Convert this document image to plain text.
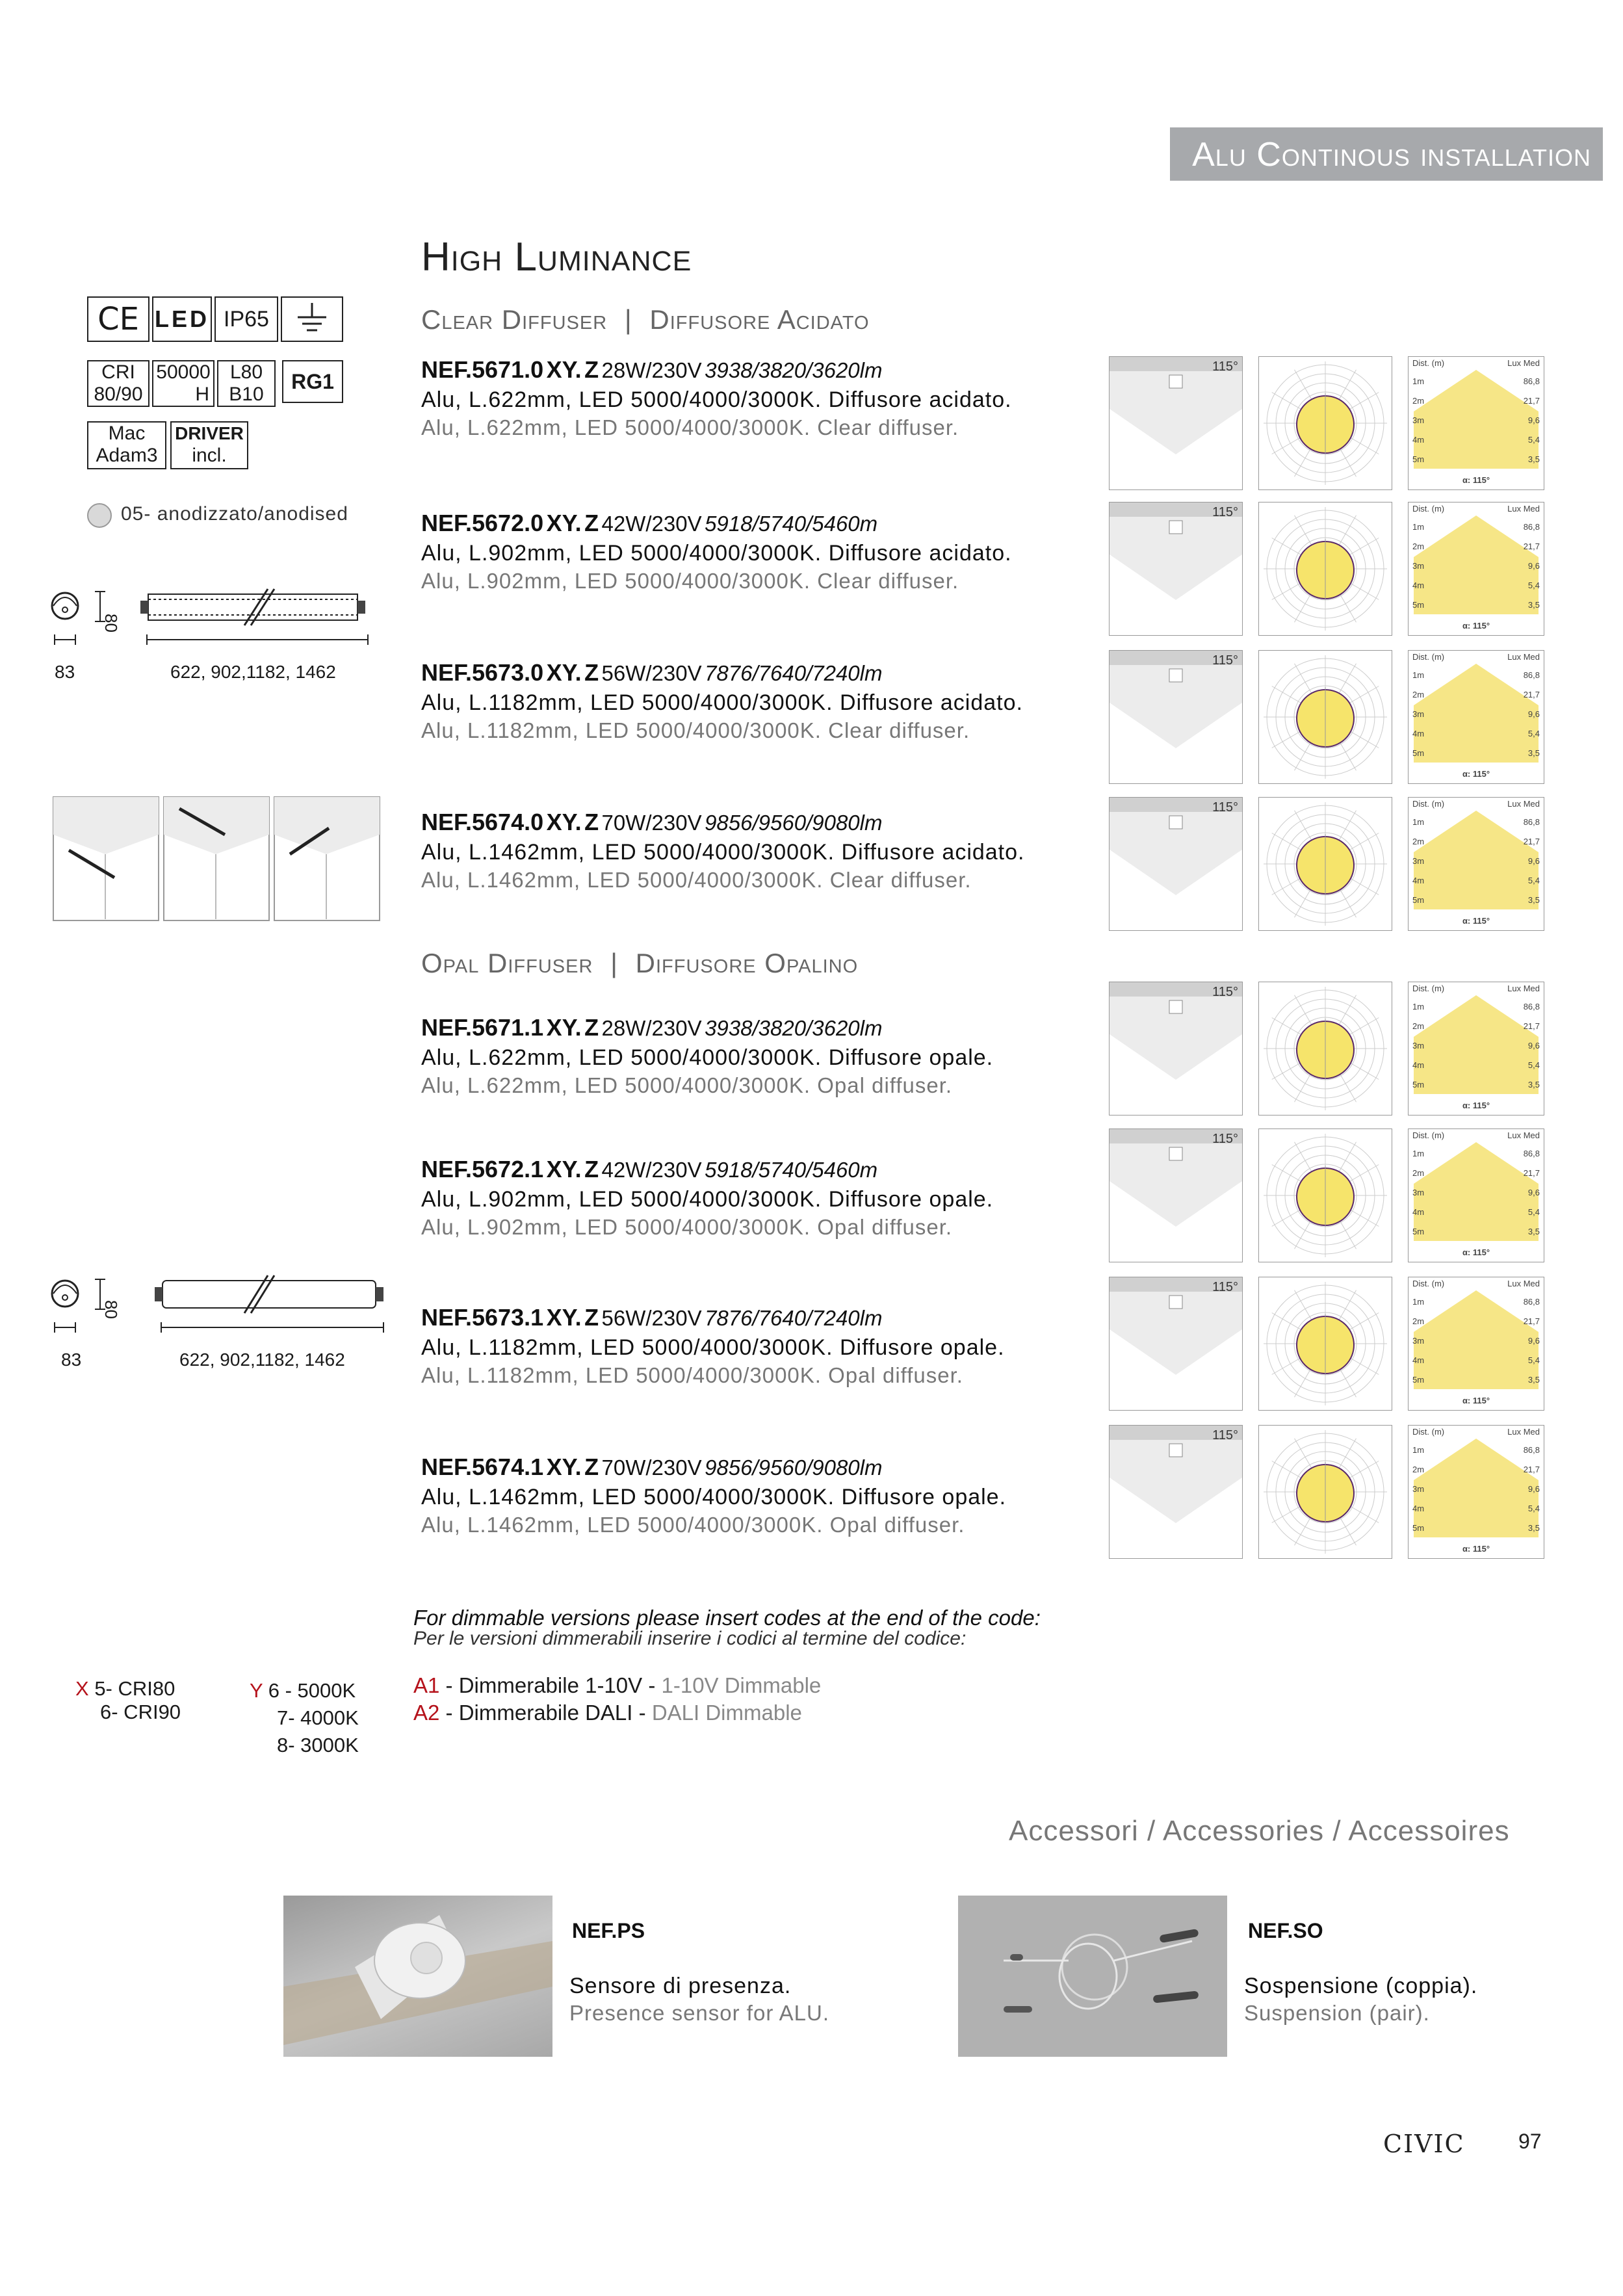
Alu Continous installation
High Luminance
Clear Diffuser | Diffusore Acidato
Opal Diffuser | Diffusore Opalino
CE LED IP65
CRI
80/90
50000
H
L80
B10
RG1
Mac
Adam3
DRIVER
incl.
05- anodizzato/anodised
80
83	622, 902,1182, 1462
80
83	622, 902,1182, 1462
NEF.5671.0 XY. Z 28W/230V 3938/3820/3620lm
Alu, L.622mm, LED 5000/4000/3000K. Diffusore acidato.
Alu, L.622mm, LED 5000/4000/3000K. Clear diffuser.
NEF.5672.0 XY. Z 42W/230V 5918/5740/5460m
Alu, L.902mm, LED 5000/4000/3000K. Diffusore acidato.
Alu, L.902mm, LED 5000/4000/3000K. Clear diffuser.
NEF.5673.0 XY. Z 56W/230V 7876/7640/7240lm
Alu, L.1182mm, LED 5000/4000/3000K. Diffusore acidato.
Alu, L.1182mm, LED 5000/4000/3000K. Clear diffuser.
NEF.5674.0 XY. Z 70W/230V 9856/9560/9080lm
Alu, L.1462mm, LED 5000/4000/3000K. Diffusore acidato.
Alu, L.1462mm, LED 5000/4000/3000K. Clear diffuser.
NEF.5671.1 XY. Z 28W/230V 3938/3820/3620lm
Alu, L.622mm, LED 5000/4000/3000K. Diffusore opale.
Alu, L.622mm, LED 5000/4000/3000K. Opal diffuser.
NEF.5672.1 XY. Z 42W/230V 5918/5740/5460m
Alu, L.902mm, LED 5000/4000/3000K. Diffusore opale.
Alu, L.902mm, LED 5000/4000/3000K. Opal diffuser.
NEF.5673.1 XY. Z 56W/230V 7876/7640/7240lm
Alu, L.1182mm, LED 5000/4000/3000K. Diffusore opale.
Alu, L.1182mm, LED 5000/4000/3000K. Opal diffuser.
NEF.5674.1 XY. Z 70W/230V 9856/9560/9080lm
Alu, L.1462mm, LED 5000/4000/3000K. Diffusore opale.
Alu, L.1462mm, LED 5000/4000/3000K. Opal diffuser.
115°	Dist. (m)	Lux Med
1m	86,8
2m	21,7
3m	9,6
4m	5,4
5m	3,5
α: 115°
115°	Dist. (m)	Lux Med
1m	86,8
2m	21,7
3m	9,6
4m	5,4
5m	3,5
α: 115°
115°	Dist. (m)	Lux Med
1m	86,8
2m	21,7
3m	9,6
4m	5,4
5m	3,5
α: 115°
115°	Dist. (m)	Lux Med
1m	86,8
2m	21,7
3m	9,6
4m	5,4
5m	3,5
α: 115°
115°	Dist. (m)	Lux Med
1m	86,8
2m	21,7
3m	9,6
4m	5,4
5m	3,5
α: 115°
115°	Dist. (m)	Lux Med
1m	86,8
2m	21,7
3m	9,6
4m	5,4
5m	3,5
α: 115°
115°	Dist. (m)	Lux Med
1m	86,8
2m	21,7
3m	9,6
4m	5,4
5m	3,5
α: 115°
115°	Dist. (m)	Lux Med
1m	86,8
2m	21,7
3m	9,6
4m	5,4
5m	3,5
α: 115°
For dimmable versions please insert codes at the end of the code:
Per le versioni dimmerabili inserire i codici al termine del codice:
A1 - Dimmerabile 1-10V - 1-10V Dimmable
A2 - Dimmerabile DALI - DALI Dimmable
X 5- CRI80
6- CRI90
Y 6 - 5000K
7- 4000K
8- 3000K
Accessori / Accessories / Accessoires
NEF.PS
Sensore di presenza.
Presence sensor for ALU.
NEF.SO
Sospensione (coppia).
Suspension (pair).
CIVIC	97
